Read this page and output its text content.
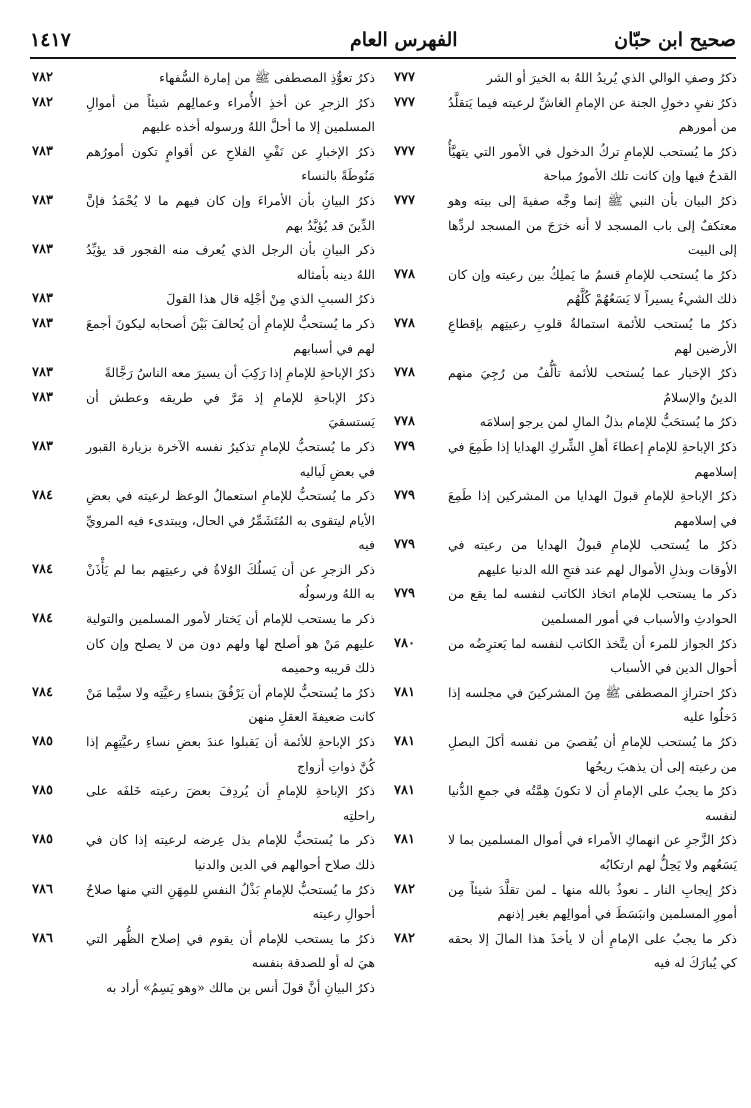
صحيح ابن حبّان
الفهرس العام
١٤١٧
ذكرُ وصفِ الوالي الذي يُريدُ اللهُ به الخيرَ أو الشر
٧٧٧
ذكرُ نفيِ دخولِ الجنة عن الإمامِ الغاشِّ لرعيته فيما يَتقلَّدُ من أمورهم
٧٧٧
ذكرُ ما يُستحب للإمامِ تركُ الدخول في الأمور التي يتهيَّأُ القدحُ فيها وإن كانت تلك الأمورُ مباحة
٧٧٧
ذكرُ البيان بأن النبي ﷺ إنما وجَّه صفيةَ إلى بيته وهو معتكفٌ إلى باب المسجد لا أنه خرَجَ من المسجد لردِّها إلى البيت
٧٧٧
ذكرُ ما يُستحب للإمامِ قسمُ ما يَملِكُ بين رعيته وإن كان ذلك الشيءُ يسيراً لا يَسَعُهُمْ كُلَّهُم
٧٧٨
ذكرُ ما يُستحب للأئمة استمالةُ قلوبِ رعيتِهم بإقطاعِ الأرضين لهم
٧٧٨
ذكرُ الإخبار عما يُستحب للأئمة تألُّفُ من رُجِيَ منهم الدينُ والإسلامُ
٧٧٨
ذكرُ ما يُستحَبُّ للإمام بذلُ المالِ لمن يرجو إسلامَه
٧٧٨
ذكرُ الإباحةِ للإمامِ إعطاءَ أهلِ الشِّركِ الهدايا إذا طَمِعَ في إسلامهم
٧٧٩
ذكرُ الإباحةِ للإمامِ قبولَ الهدايا من المشركين إذا طَمِعَ في إسلامهم
٧٧٩
ذكرُ ما يُستحب للإمامِ قبولُ الهدايا من رعيته في الأوقات وبذلِ الأموال لهم عند فتحِ الله الدنيا عليهم
٧٧٩
ذكر ما يستحب للإمام اتخاذ الكاتب لنفسه لما يقع من الحوادثِ والأسباب في أمور المسلمين
٧٧٩
ذكرُ الجواز للمرء أن يتَّخذ الكاتب لنفسه لما يَعترِضُه من أحوال الدين في الأسباب
٧٨٠
ذكرُ احترازِ المصطفى ﷺ مِنَ المشركينَ في مجلسه إذا دَخلُوا عليه
٧٨١
ذكرُ ما يُستحب للإمامِ أن يُقصيَ من نفسه أكلَ البصلِ من رعيته إلى أن يذهبَ ريحُها
٧٨١
ذكرُ ما يجبُ على الإمامِ أن لا تكونَ هِمَّتُه في جمعِ الدُّنيا لنفسه
٧٨١
ذكرُ الزَّجرِ عن انهماكِ الأمراء في أموال المسلمين بما لا يَسَعُهم ولا يَحِلُّ لهم ارتكابُه
٧٨١
ذكرُ إيجابِ النار ـ نعوذُ بالله منها ـ لمن تقلَّدَ شيئاً مِن أمورِ المسلمين وانبَسَطَ في أموالِهم بغير إذنهم
٧٨٢
ذكر ما يجبُ على الإمامِ أن لا يأخذَ هذا المالَ إلا بحقه كي يُبارَكَ له فيه
٧٨٢
ذكرُ تعوُّذِ المصطفى ﷺ من إمارة السُّفهاء
٧٨٢
ذكرُ الزجرِ عن أخذِ الأُمراء وعمالِهم شيئاً من أموالِ المسلمين إلا ما أحلَّ اللهُ ورسوله أخذه عليهم
٧٨٢
ذكرُ الإخبارِ عن نَفْيِ الفلاحِ عن أقوامٍ تكون أمورُهم مَنُوطَةً بالنساء
٧٨٣
ذكرُ البيانِ بأن الأمراءَ وإن كان فيهم ما لا يُحْمَدُ فإنَّ الدِّينَ قد يُؤيَّدُ بهم
٧٨٣
ذكر البيانِ بأن الرجل الذي يُعرف منه الفجور قد يؤيِّدُ اللهُ دينه بأمثاله
٧٨٣
ذكرُ السببِ الذي مِنْ أجْلِه قال هذا القولَ
٧٨٣
ذكر ما يُستحبُّ للإمامِ أن يُحالفَ بَيْنَ أصحابه ليكونَ أجمعَ لهم في أسبابهم
٧٨٣
ذكرُ الإباحةِ للإمامِ إذا رَكِبَ أن يسيرَ معه الناسُ رَجَّالةً
٧٨٣
ذكرُ الإباحةِ للإمامِ إذ مَرَّ في طريقه وعطش أن يَستسقيَ
٧٨٣
ذكر ما يُستحبُّ للإمامِ تذكيرُ نفسه الآخرة بزيارة القبور في بعضِ لَياليه
٧٨٣
ذكر ما يُستحبُّ للإمامِ استعمالُ الوعظ لرعيته في بعضِ الأيام ليتقوى به المُتَشَمِّرُ في الحال، ويبتدىء فيه المرويِّ فيه
٧٨٤
ذكر الزجرِ عن أن يَسلُكَ الوُلاةُ في رعيتِهم بما لم يَأْذَنْ به اللهُ ورسولُه
٧٨٤
ذكر ما يستحب للإمام أن يَختار لأمور المسلمين والتولية عليهم مَنْ هو أصلح لها ولهم دون من لا يصلح وإن كان ذلك قريبه وحميمه
٧٨٤
ذكرُ ما يُستحبُّ للإمام أن يَرْفُقَ بنساءِ رعيَّتِه ولا سيَّما مَنْ كانت ضعيفةَ العقلِ منهن
٧٨٤
ذكرُ الإباحةِ للأئمة أن يَقبلوا عندَ بعضِ نساءِ رعيَّتِهِم إذا كُنَّ ذواتِ أزواج
٧٨٥
ذكرُ الإباحةِ للإمامِ أن يُردِفَ بعضَ رعيته خَلفَه على راحلتِه
٧٨٥
ذكر ما يُستحبُّ للإمام بذل عِرضه لرعيته إذا كان في ذلك صلاح أحوالهم في الدين والدنيا
٧٨٥
ذكرُ ما يُستحبُّ للإمامِ بَذْلُ النفسِ للمِهَنِ التي منها صلاحُ أحوالِ رعيته
٧٨٦
ذكرُ ما يستحب للإمام أن يقوم في إصلاح الظُّهر التي هيَ له أو للصدقة بنفسه
٧٨٦
ذكرُ البيانِ أنَّ قولَ أنس بن مالك «وهو يَسِمُ» أراد به
